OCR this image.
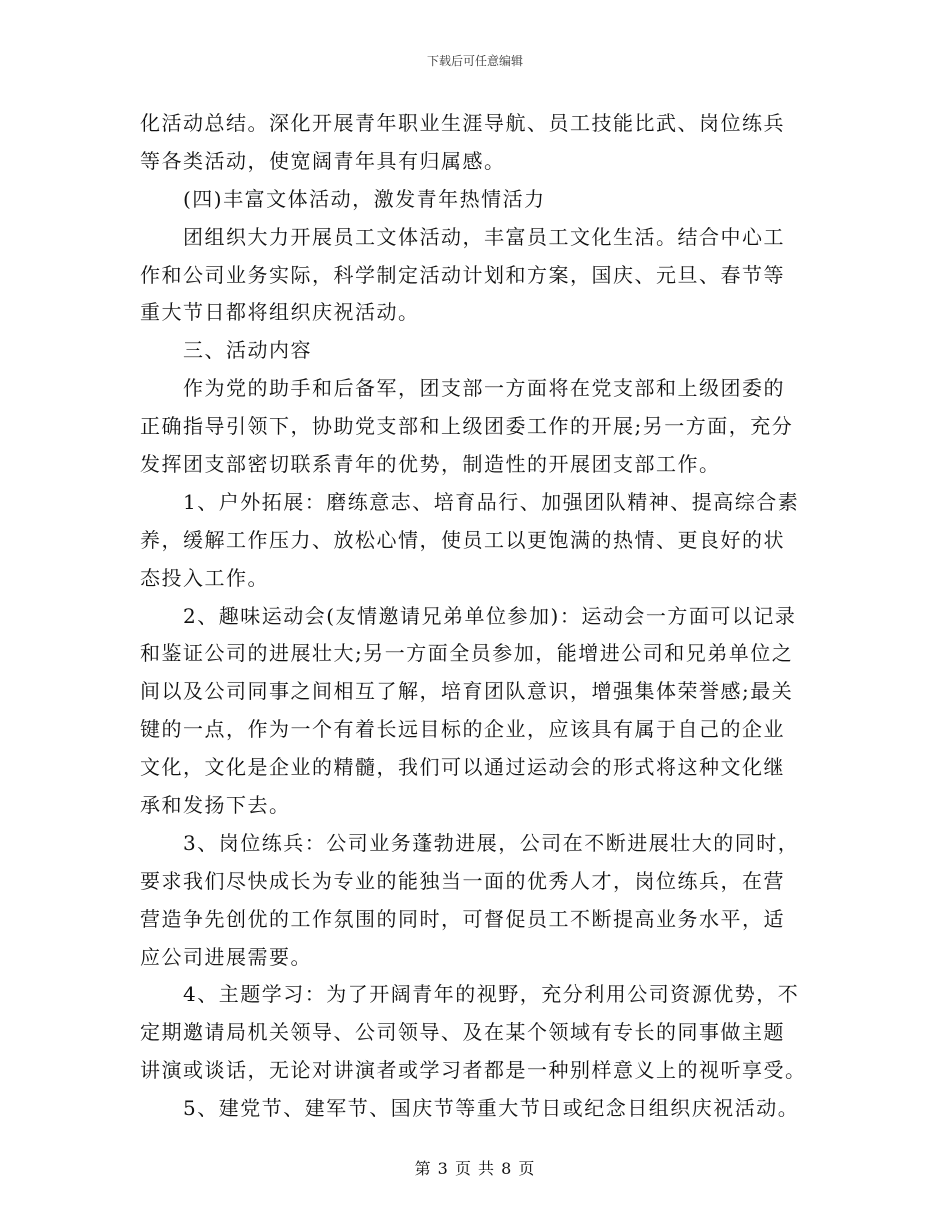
下载后可任意编辑
化活动总结。深化开展青年职业生涯导航、员工技能比武、岗位练兵
等各类活动，使宽阔青年具有归属感。
　　(四)丰富文体活动，激发青年热情活力
　　团组织大力开展员工文体活动，丰富员工文化生活。结合中心工
作和公司业务实际，科学制定活动计划和方案，国庆、元旦、春节等
重大节日都将组织庆祝活动。
　　三、活动内容
　　作为党的助手和后备军，团支部一方面将在党支部和上级团委的
正确指导引领下，协助党支部和上级团委工作的开展;另一方面，充分
发挥团支部密切联系青年的优势，制造性的开展团支部工作。
　　1、户外拓展：磨练意志、培育品行、加强团队精神、提高综合素
养，缓解工作压力、放松心情，使员工以更饱满的热情、更良好的状
态投入工作。
　　2、趣味运动会(友情邀请兄弟单位参加)：运动会一方面可以记录
和鉴证公司的进展壮大;另一方面全员参加，能增进公司和兄弟单位之
间以及公司同事之间相互了解，培育团队意识，增强集体荣誉感;最关
键的一点，作为一个有着长远目标的企业，应该具有属于自己的企业
文化，文化是企业的精髓，我们可以通过运动会的形式将这种文化继
承和发扬下去。
　　3、岗位练兵：公司业务蓬勃进展，公司在不断进展壮大的同时，
要求我们尽快成长为专业的能独当一面的优秀人才，岗位练兵，在营
营造争先创优的工作氛围的同时，可督促员工不断提高业务水平，适
应公司进展需要。
　　4、主题学习：为了开阔青年的视野，充分利用公司资源优势，不
定期邀请局机关领导、公司领导、及在某个领域有专长的同事做主题
讲演或谈话，无论对讲演者或学习者都是一种别样意义上的视听享受。
　　5、建党节、建军节、国庆节等重大节日或纪念日组织庆祝活动。
第 3 页 共 8 页
